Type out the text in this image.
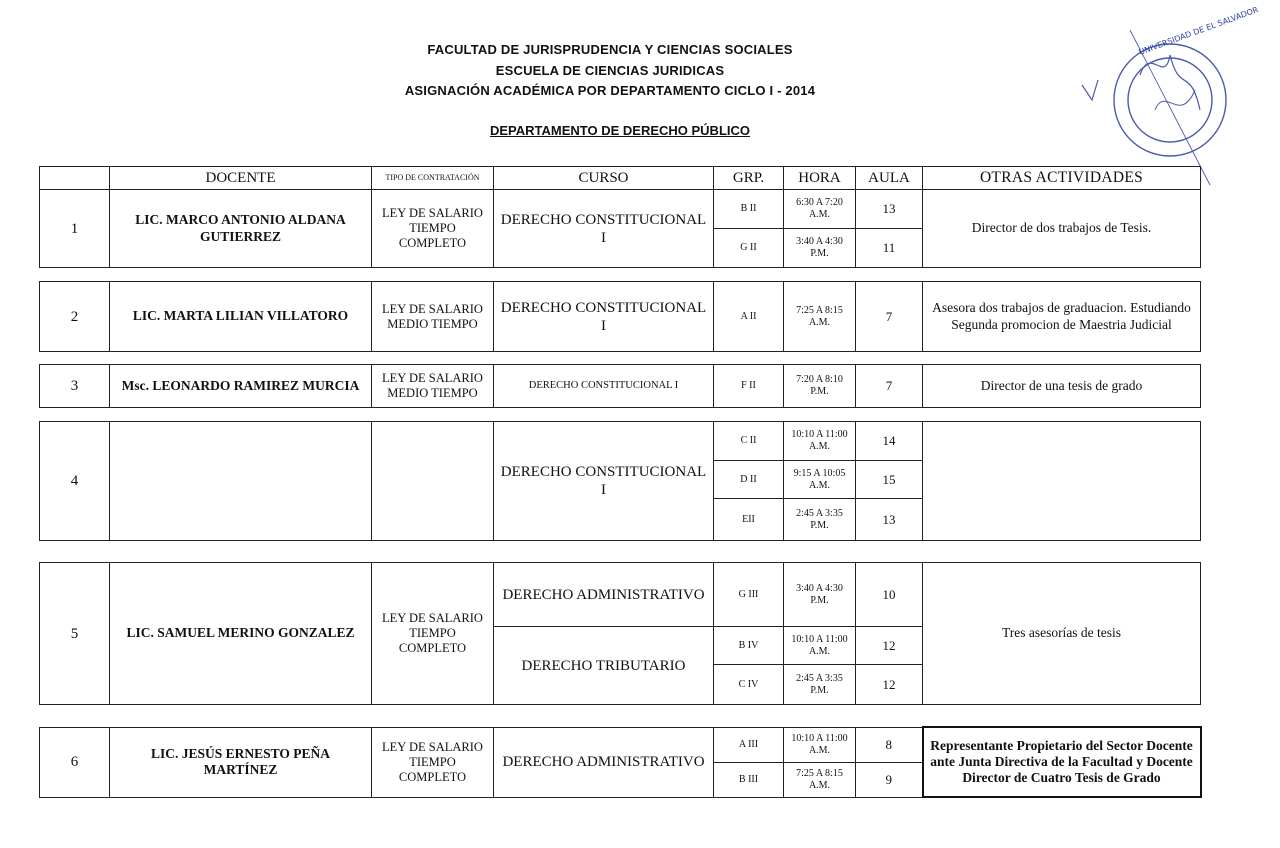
FACULTAD DE JURISPRUDENCIA Y CIENCIAS SOCIALES
ESCUELA DE CIENCIAS JURIDICAS
ASIGNACIÓN ACADÉMICA POR DEPARTAMENTO CICLO I - 2014
DEPARTAMENTO DE DERECHO PÚBLICO
UNIVERSIDAD DE EL SALVADOR
	DOCENTE	TIPO DE CONTRATACIÓN	CURSO	GRP.	HORA	AULA	OTRAS ACTIVIDADES
1	LIC. MARCO ANTONIO ALDANA GUTIERREZ	LEY DE SALARIO TIEMPO COMPLETO	DERECHO CONSTITUCIONAL I	B II	6:30 A 7:20 A.M.	13	Director de dos trabajos de Tesis.
				G II	3:40 A 4:30 P.M.	11	
2	LIC. MARTA LILIAN VILLATORO	LEY DE SALARIO MEDIO TIEMPO	DERECHO CONSTITUCIONAL I	A II	7:25 A 8:15 A.M.	7	Asesora dos trabajos de graduacion. Estudiando Segunda promocion de Maestria Judicial
3	Msc. LEONARDO RAMIREZ MURCIA	LEY DE SALARIO MEDIO TIEMPO	DERECHO CONSTITUCIONAL I	F II	7:20 A 8:10 P.M.	7	Director de una tesis de grado
4			DERECHO CONSTITUCIONAL I	C II	10:10 A 11:00 A.M.	14	
				D II	9:15 A 10:05 A.M.	15	
				EII	2:45 A 3:35 P.M.	13	
5	LIC. SAMUEL MERINO GONZALEZ	LEY DE SALARIO TIEMPO COMPLETO	DERECHO ADMINISTRATIVO	G III	3:40 A 4:30 P.M.	10	Tres asesorías de tesis
			DERECHO TRIBUTARIO	B IV	10:10 A 11:00 A.M.	12	
				C IV	2:45 A 3:35 P.M.	12	
6	LIC. JESÚS ERNESTO PEÑA MARTÍNEZ	LEY DE SALARIO TIEMPO COMPLETO	DERECHO ADMINISTRATIVO	A III	10:10 A 11:00 A.M.	8	Representante Propietario del Sector Docente ante Junta Directiva de la Facultad y Docente Director de Cuatro Tesis de Grado
				B III	7:25 A 8:15 A.M.	9	
